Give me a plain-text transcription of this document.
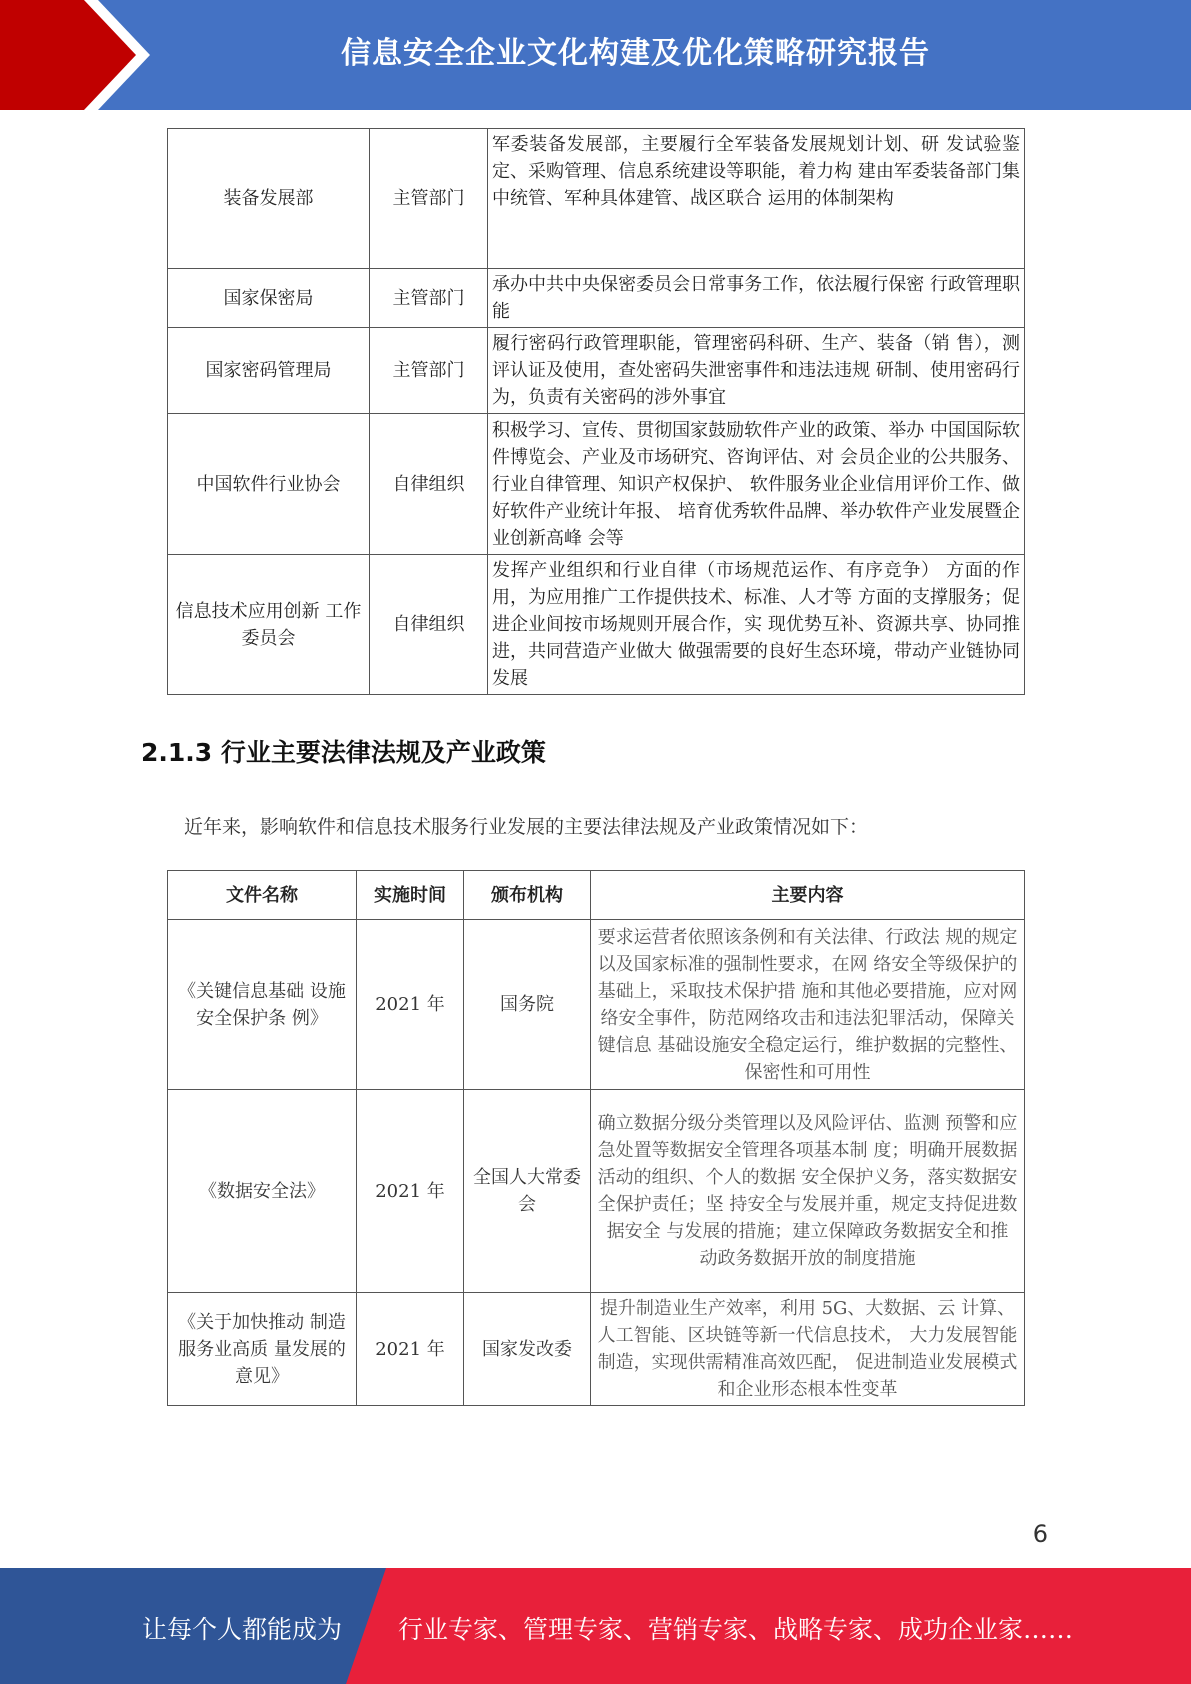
信息安全企业文化构建及优化策略研究报告
装备发展部	主管部门	军委装备发展部，主要履行全军装备发展规划计划、研 发试验鉴定、采购管理、信息系统建设等职能，着力构 建由军委装备部门集中统管、军种具体建管、战区联合 运用的体制架构
国家保密局	主管部门	承办中共中央保密委员会日常事务工作，依法履行保密 行政管理职能
国家密码管理局	主管部门	履行密码行政管理职能，管理密码科研、生产、装备（销 售），测评认证及使用，查处密码失泄密事件和违法违规 研制、使用密码行为，负责有关密码的涉外事宜
中国软件行业协会	自律组织	积极学习、宣传、贯彻国家鼓励软件产业的政策、举办 中国国际软件博览会、产业及市场研究、咨询评估、对 会员企业的公共服务、行业自律管理、知识产权保护、 软件服务业企业信用评价工作、做好软件产业统计年报、 培育优秀软件品牌、举办软件产业发展暨企业创新高峰 会等
信息技术应用创新 工作委员会	自律组织	发挥产业组织和行业自律（市场规范运作、有序竞争） 方面的作用，为应用推广工作提供技术、标准、人才等 方面的支撑服务；促进企业间按市场规则开展合作，实 现优势互补、资源共享、协同推进，共同营造产业做大 做强需要的良好生态环境，带动产业链协同发展
2.1.3 行业主要法律法规及产业政策
近年来，影响软件和信息技术服务行业发展的主要法律法规及产业政策情况如下：
文件名称	实施时间	颁布机构	主要内容
《关键信息基础 设施安全保护条 例》	2021 年	国务院	要求运营者依照该条例和有关法律、行政法 规的规定以及国家标准的强制性要求，在网 络安全等级保护的基础上，采取技术保护措 施和其他必要措施，应对网络安全事件，防范网络攻击和违法犯罪活动，保障关键信息 基础设施安全稳定运行，维护数据的完整性、 保密性和可用性
《数据安全法》	2021 年	全国人大常委会	确立数据分级分类管理以及风险评估、监测 预警和应急处置等数据安全管理各项基本制 度；明确开展数据活动的组织、个人的数据 安全保护义务，落实数据安全保护责任；坚 持安全与发展并重，规定支持促进数据安全 与发展的措施；建立保障政务数据安全和推 动政务数据开放的制度措施
《关于加快推动 制造服务业高质 量发展的意见》	2021 年	国家发改委	提升制造业生产效率，利用 5G、大数据、云 计算、人工智能、区块链等新一代信息技术， 大力发展智能制造，实现供需精准高效匹配， 促进制造业发展模式和企业形态根本性变革
6
让每个人都能成为 行业专家、管理专家、营销专家、战略专家、成功企业家……
